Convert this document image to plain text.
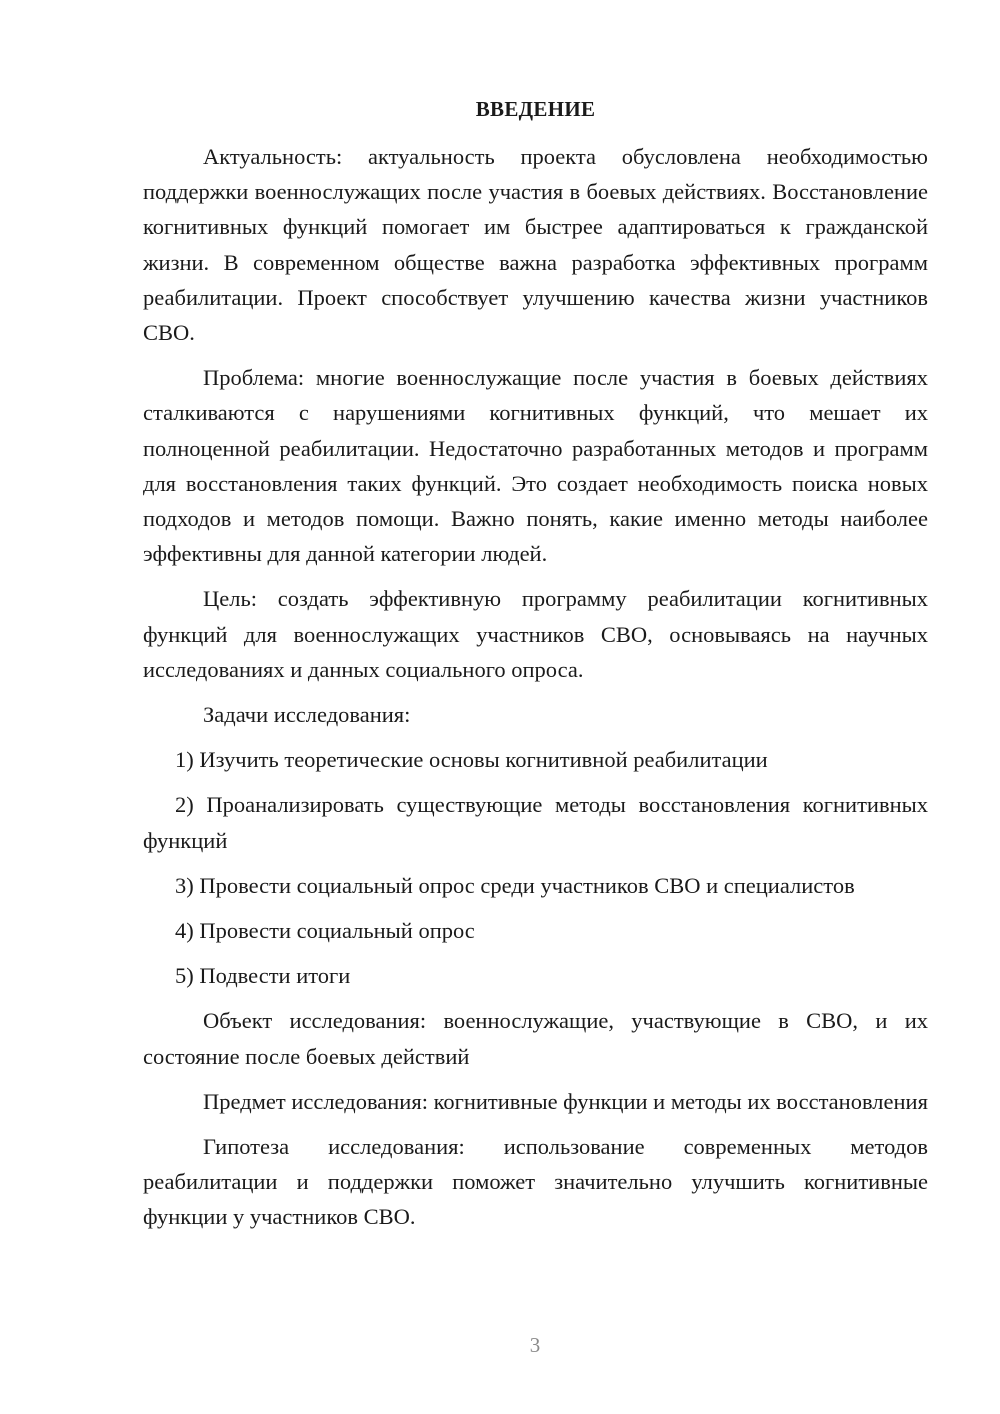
ВВЕДЕНИЕ

Актуальность: актуальность проекта обусловлена необходимостью поддержки военнослужащих после участия в боевых действиях. Восстановление когнитивных функций помогает им быстрее адаптироваться к гражданской жизни. В современном обществе важна разработка эффективных программ реабилитации. Проект способствует улучшению качества жизни участников СВО.

Проблема: многие военнослужащие после участия в боевых действиях сталкиваются с нарушениями когнитивных функций, что мешает их полноценной реабилитации. Недостаточно разработанных методов и программ для восстановления таких функций. Это создает необходимость поиска новых подходов и методов помощи. Важно понять, какие именно методы наиболее эффективны для данной категории людей.

Цель: создать эффективную программу реабилитации когнитивных функций для военнослужащих участников СВО, основываясь на научных исследованиях и данных социального опроса.

Задачи исследования:

1) Изучить теоретические основы когнитивной реабилитации

2) Проанализировать существующие методы восстановления когнитивных функций

3) Провести социальный опрос среди участников СВО и специалистов

4) Провести социальный опрос

5) Подвести итоги

Объект исследования: военнослужащие, участвующие в СВО, и их состояние после боевых действий

Предмет исследования: когнитивные функции и методы их восстановления

Гипотеза исследования: использование современных методов реабилитации и поддержки поможет значительно улучшить когнитивные функции у участников СВО.

3
